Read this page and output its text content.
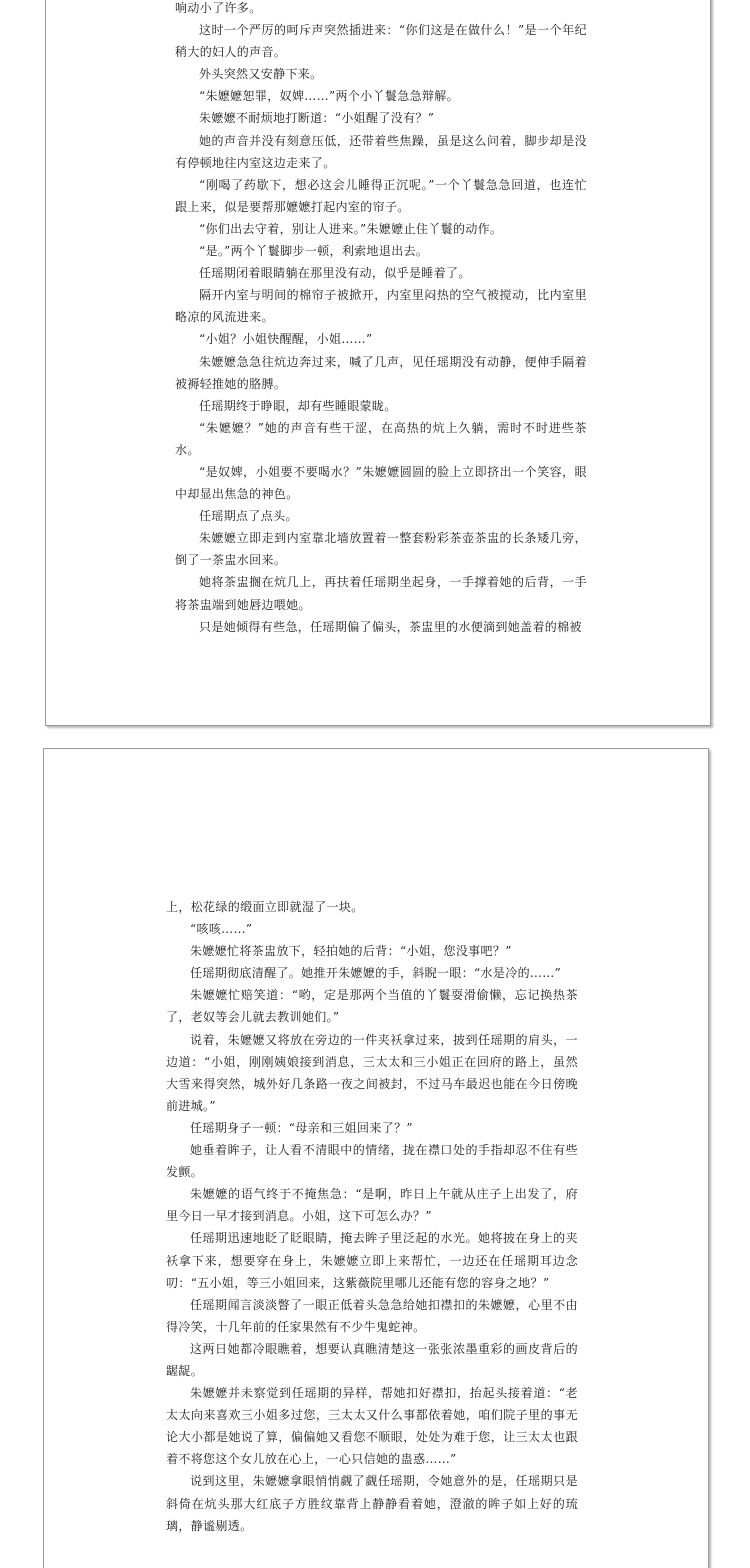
响动小了许多。

这时一个严厉的呵斥声突然插进来：“你们这是在做什么！”是一个年纪稍大的妇人的声音。

外头突然又安静下来。

“朱嬷嬷恕罪，奴婢……”两个小丫鬟急急辩解。

朱嬷嬷不耐烦地打断道：“小姐醒了没有？”

她的声音并没有刻意压低，还带着些焦躁，虽是这么问着，脚步却是没有停顿地往内室这边走来了。

“刚喝了药歇下，想必这会儿睡得正沉呢。”一个丫鬟急急回道，也连忙跟上来，似是要帮那嬷嬷打起内室的帘子。

“你们出去守着，别让人进来。”朱嬷嬷止住丫鬟的动作。

“是。”两个丫鬟脚步一顿，利索地退出去。

任瑶期闭着眼睛躺在那里没有动，似乎是睡着了。

隔开内室与明间的棉帘子被掀开，内室里闷热的空气被搅动，比内室里略凉的风流进来。

“小姐？小姐快醒醒，小姐……”

朱嬷嬷急急往炕边奔过来，喊了几声，见任瑶期没有动静，便伸手隔着被褥轻推她的胳膊。

任瑶期终于睁眼，却有些睡眼蒙眬。

“朱嬷嬷？”她的声音有些干涩，在高热的炕上久躺，需时不时进些茶水。

“是奴婢，小姐要不要喝水？”朱嬷嬷圆圆的脸上立即挤出一个笑容，眼中却显出焦急的神色。

任瑶期点了点头。

朱嬷嬷立即走到内室靠北墙放置着一整套粉彩茶壶茶盅的长条矮几旁，倒了一茶盅水回来。

她将茶盅搁在炕几上，再扶着任瑶期坐起身，一手撑着她的后背，一手将茶盅端到她唇边喂她。

只是她倾得有些急，任瑶期偏了偏头，茶盅里的水便滴到她盖着的棉被

上，松花绿的缎面立即就湿了一块。

“咳咳……”

朱嬷嬷忙将茶盅放下，轻拍她的后背：“小姐，您没事吧？”

任瑶期彻底清醒了。她推开朱嬷嬷的手，斜睨一眼：“水是冷的……”

朱嬷嬷忙赔笑道：“哟，定是那两个当值的丫鬟耍滑偷懒，忘记换热茶了，老奴等会儿就去教训她们。”

说着，朱嬷嬷又将放在旁边的一件夹袄拿过来，披到任瑶期的肩头，一边道：“小姐，刚刚姨娘接到消息，三太太和三小姐正在回府的路上，虽然大雪来得突然，城外好几条路一夜之间被封，不过马车最迟也能在今日傍晚前进城。”

任瑶期身子一顿：“母亲和三姐回来了？”

她垂着眸子，让人看不清眼中的情绪，拢在襟口处的手指却忍不住有些发颤。

朱嬷嬷的语气终于不掩焦急：“是啊，昨日上午就从庄子上出发了，府里今日一早才接到消息。小姐，这下可怎么办？”

任瑶期迅速地眨了眨眼睛，掩去眸子里泛起的水光。她将披在身上的夹袄拿下来，想要穿在身上，朱嬷嬷立即上来帮忙，一边还在任瑶期耳边念叨：“五小姐，等三小姐回来，这紫薇院里哪儿还能有您的容身之地？”

任瑶期闻言淡淡瞥了一眼正低着头急急给她扣襟扣的朱嬷嬷，心里不由得冷笑，十几年前的任家果然有不少牛鬼蛇神。

这两日她都冷眼瞧着，想要认真瞧清楚这一张张浓墨重彩的画皮背后的龌龊。

朱嬷嬷并未察觉到任瑶期的异样，帮她扣好襟扣，抬起头接着道：“老太太向来喜欢三小姐多过您，三太太又什么事都依着她，咱们院子里的事无论大小都是她说了算，偏偏她又看您不顺眼，处处为难于您，让三太太也跟着不将您这个女儿放在心上，一心只信她的蛊惑……”

说到这里，朱嬷嬷拿眼悄悄觑了觑任瑶期，令她意外的是，任瑶期只是斜倚在炕头那大红底子方胜纹靠背上静静看着她，澄澈的眸子如上好的琉璃，静谧剔透。
